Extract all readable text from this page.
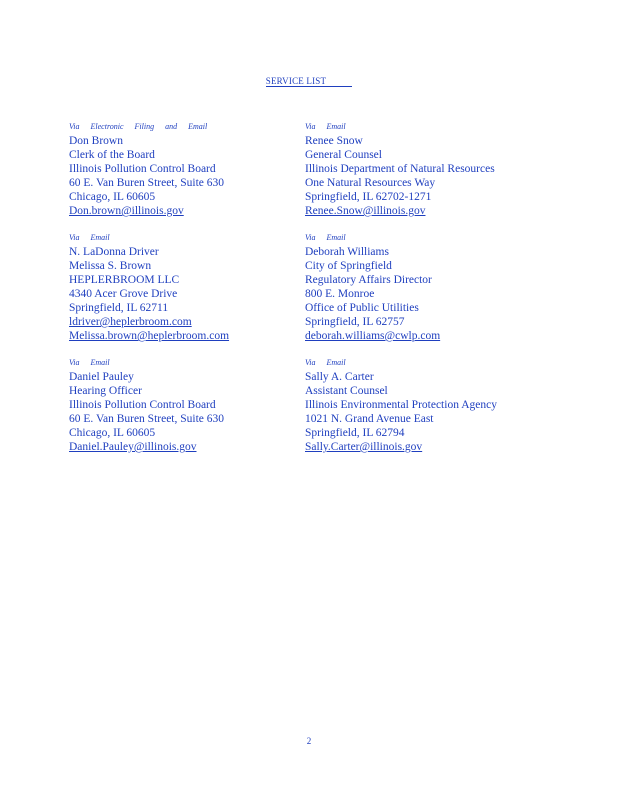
SERVICE LIST
Via Electronic Filing and Email
Don Brown
Clerk of the Board
Illinois Pollution Control Board
60 E. Van Buren Street, Suite 630
Chicago, IL 60605
Don.brown@illinois.gov
Via Email
N. LaDonna Driver
Melissa S. Brown
HEPLERBROOM LLC
4340 Acer Grove Drive
Springfield, IL 62711
ldriver@heplerbroom.com
Melissa.brown@heplerbroom.com
Via Email
Daniel Pauley
Hearing Officer
Illinois Pollution Control Board
60 E. Van Buren Street, Suite 630
Chicago, IL 60605
Daniel.Pauley@illinois.gov
Via Email
Renee Snow
General Counsel
Illinois Department of Natural Resources
One Natural Resources Way
Springfield, IL 62702-1271
Renee.Snow@illinois.gov
Via Email
Deborah Williams
City of Springfield
Regulatory Affairs Director
800 E. Monroe
Office of Public Utilities
Springfield, IL 62757
deborah.williams@cwlp.com
Via Email
Sally A. Carter
Assistant Counsel
Illinois Environmental Protection Agency
1021 N. Grand Avenue East
Springfield, IL 62794
Sally.Carter@illinois.gov
2
